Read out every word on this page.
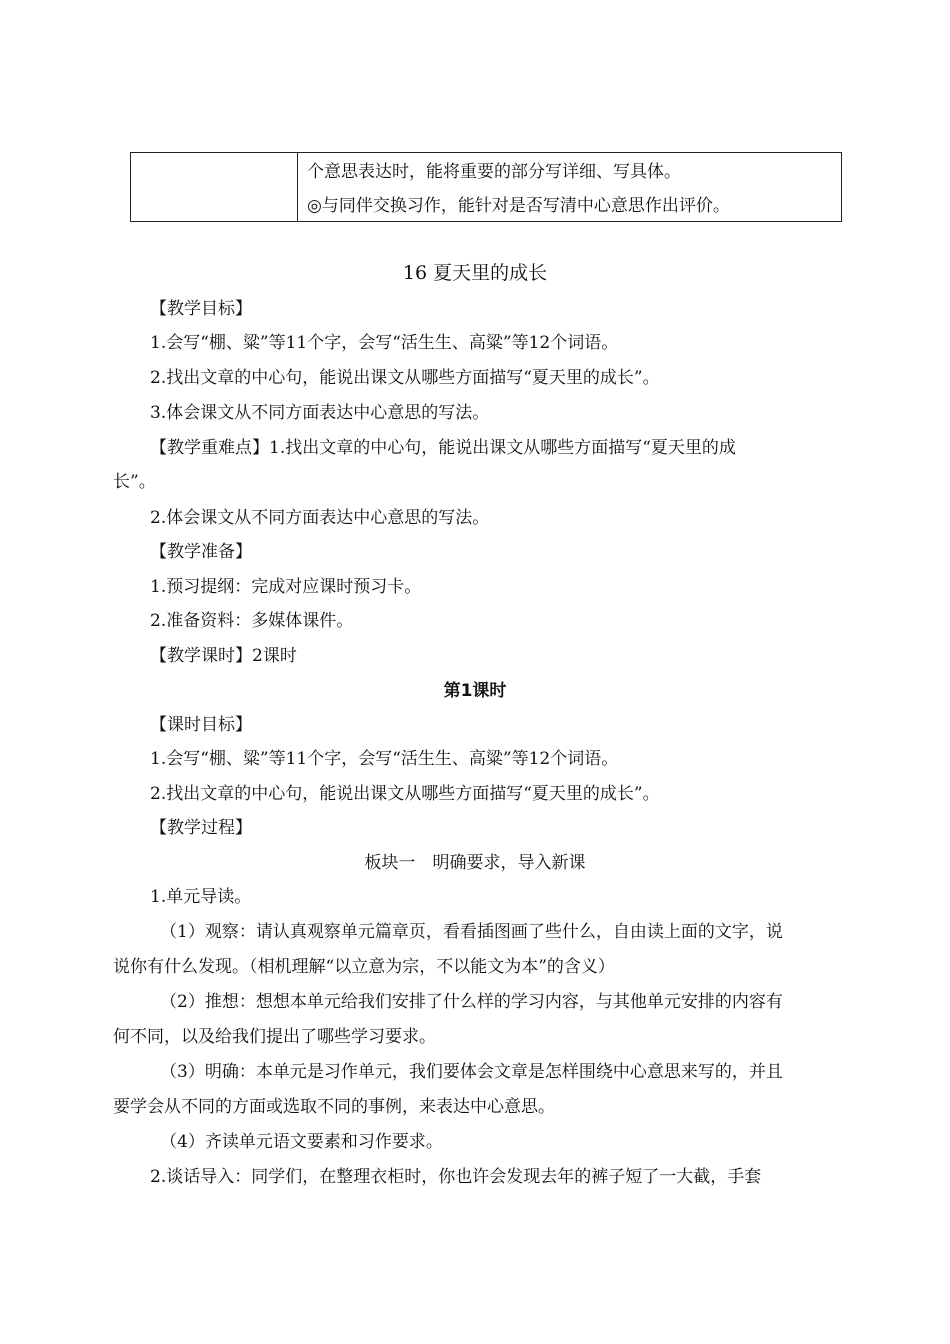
个意思表达时，能将重要的部分写详细、写具体。
◎与同伴交换习作，能针对是否写清中心意思作出评价。
16 夏天里的成长
【教学目标】
1.会写“棚、粱”等11个字，会写“活生生、高粱”等12个词语。
2.找出文章的中心句，能说出课文从哪些方面描写“夏天里的成长”。
3.体会课文从不同方面表达中心意思的写法。
【教学重难点】1.找出文章的中心句，能说出课文从哪些方面描写“夏天里的成
长”。
2.体会课文从不同方面表达中心意思的写法。
【教学准备】
1.预习提纲：完成对应课时预习卡。
2.准备资料：多媒体课件。
【教学课时】2课时
第1课时
【课时目标】
1.会写“棚、粱”等11个字，会写“活生生、高粱”等12个词语。
2.找出文章的中心句，能说出课文从哪些方面描写“夏天里的成长”。
【教学过程】
板块一　明确要求，导入新课
1.单元导读。
（1）观察：请认真观察单元篇章页，看看插图画了些什么，自由读上面的文字，说
说你有什么发现。（相机理解“以立意为宗，不以能文为本”的含义）
（2）推想：想想本单元给我们安排了什么样的学习内容，与其他单元安排的内容有
何不同，以及给我们提出了哪些学习要求。
（3）明确：本单元是习作单元，我们要体会文章是怎样围绕中心意思来写的，并且
要学会从不同的方面或选取不同的事例，来表达中心意思。
（4）齐读单元语文要素和习作要求。
2.谈话导入：同学们，在整理衣柜时，你也许会发现去年的裤子短了一大截，手套
